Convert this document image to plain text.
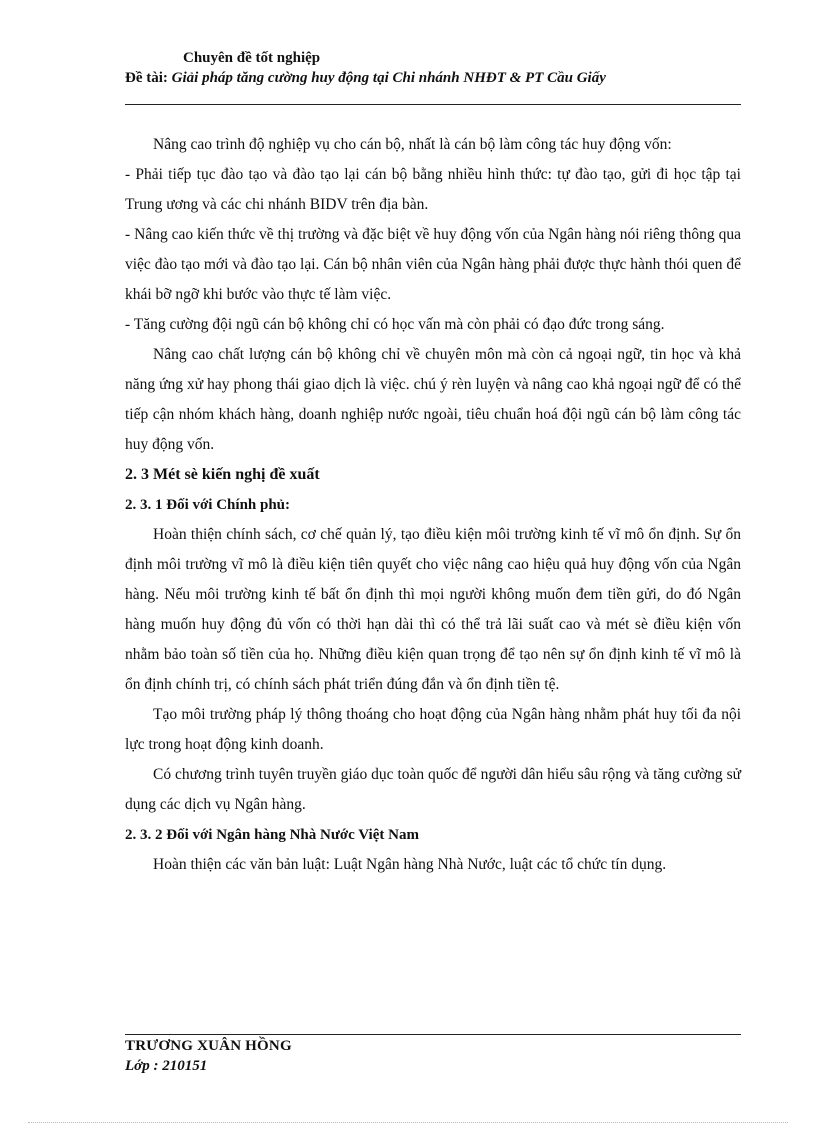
Chuyên đề tốt nghiệp
Đề tài: Giải pháp tăng cường huy động tại Chi nhánh NHĐT & PT Cầu Giấy

Nâng cao trình độ nghiệp vụ cho cán bộ, nhất là cán bộ làm công tác huy động vốn:

- Phải tiếp tục đào tạo và đào tạo lại cán bộ bằng nhiều hình thức: tự đào tạo, gửi đi học tập tại Trung ương và các chi nhánh BIDV trên địa bàn.

- Nâng cao kiến thức về thị trường và đặc biệt về huy động vốn của Ngân hàng nói riêng thông qua việc đào tạo mới và đào tạo lại. Cán bộ nhân viên của Ngân hàng phải được thực hành thói quen để khái bỡ ngỡ khi bước vào thực tế làm việc.

- Tăng cường đội ngũ cán bộ không chỉ có học vấn mà còn phải có đạo đức trong sáng.

Nâng cao chất lượng cán bộ không chỉ về chuyên môn mà còn cả ngoại ngữ, tin học và khả năng ứng xử hay phong thái giao dịch là việc. chú ý rèn luyện và nâng cao khả ngoại ngữ để có thể tiếp cận nhóm khách hàng, doanh nghiệp nước ngoài, tiêu chuẩn hoá đội ngũ cán bộ làm công tác huy động vốn.

2. 3 Mét sè kiến nghị đề xuất

2. 3. 1 Đối với Chính phủ:

Hoàn thiện chính sách, cơ chế quản lý, tạo điều kiện môi trường kinh tế vĩ mô ổn định. Sự ổn định môi trường vĩ mô là điều kiện tiên quyết cho việc nâng cao hiệu quả huy động vốn của Ngân hàng. Nếu môi trường kinh tế bất ổn định thì mọi người không muốn đem tiền gửi, do đó Ngân hàng muốn huy động đủ vốn có thời hạn dài thì có thể trả lãi suất cao và mét sè điều kiện vốn nhằm bảo toàn số tiền của họ. Những điều kiện quan trọng để tạo nên sự ổn định kinh tế vĩ mô là ổn định chính trị, có chính sách phát triển đúng đắn và ổn định tiền tệ.

Tạo môi trường pháp lý thông thoáng cho hoạt động của Ngân hàng nhằm phát huy tối đa nội lực trong hoạt động kinh doanh.

Có chương trình tuyên truyền giáo dục toàn quốc để người dân hiểu sâu rộng và tăng cường sử dụng các dịch vụ Ngân hàng.

2. 3. 2 Đối với Ngân hàng Nhà Nước Việt Nam

Hoàn thiện các văn bản luật: Luật Ngân hàng Nhà Nước, luật các tổ chức tín dụng.

TRƯƠNG XUÂN HỒNG
Lớp : 210151
